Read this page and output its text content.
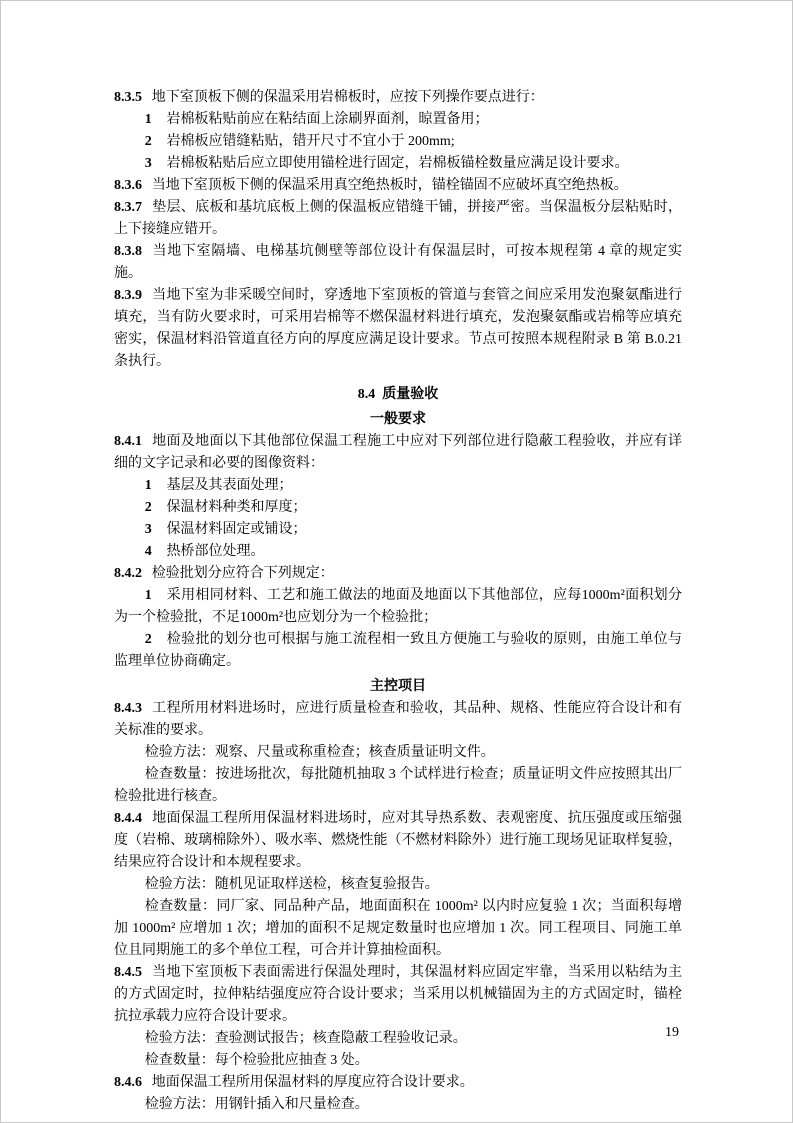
8.3.5 地下室顶板下侧的保温采用岩棉板时，应按下列操作要点进行：

1 岩棉板粘贴前应在粘结面上涂刷界面剂，晾置备用；

2 岩棉板应错缝粘贴，错开尺寸不宜小于 200mm;

3 岩棉板粘贴后应立即使用锚栓进行固定，岩棉板锚栓数量应满足设计要求。

8.3.6 当地下室顶板下侧的保温采用真空绝热板时，锚栓锚固不应破坏真空绝热板。

8.3.7 垫层、底板和基坑底板上侧的保温板应错缝干铺，拼接严密。当保温板分层粘贴时，上下接缝应错开。

8.3.8 当地下室隔墙、电梯基坑侧壁等部位设计有保温层时，可按本规程第 4 章的规定实施。

8.3.9 当地下室为非采暖空间时，穿透地下室顶板的管道与套管之间应采用发泡聚氨酯进行填充，当有防火要求时，可采用岩棉等不燃保温材料进行填充，发泡聚氨酯或岩棉等应填充密实，保温材料沿管道直径方向的厚度应满足设计要求。节点可按照本规程附录 B 第 B.0.21 条执行。

8.4 质量验收

一般要求

8.4.1 地面及地面以下其他部位保温工程施工中应对下列部位进行隐蔽工程验收，并应有详细的文字记录和必要的图像资料：

1 基层及其表面处理；

2 保温材料种类和厚度；

3 保温材料固定或铺设；

4 热桥部位处理。

8.4.2 检验批划分应符合下列规定：

1 采用相同材料、工艺和施工做法的地面及地面以下其他部位，应每1000m²面积划分为一个检验批，不足1000m²也应划分为一个检验批；

2 检验批的划分也可根据与施工流程相一致且方便施工与验收的原则，由施工单位与监理单位协商确定。

主控项目

8.4.3 工程所用材料进场时，应进行质量检查和验收，其品种、规格、性能应符合设计和有关标准的要求。

检验方法：观察、尺量或称重检查；核查质量证明文件。

检查数量：按进场批次，每批随机抽取 3 个试样进行检查；质量证明文件应按照其出厂检验批进行核查。

8.4.4 地面保温工程所用保温材料进场时，应对其导热系数、表观密度、抗压强度或压缩强度（岩棉、玻璃棉除外）、吸水率、燃烧性能（不燃材料除外）进行施工现场见证取样复验，结果应符合设计和本规程要求。

检验方法：随机见证取样送检，核查复验报告。

检查数量：同厂家、同品种产品，地面面积在 1000m² 以内时应复验 1 次；当面积每增加 1000m² 应增加 1 次；增加的面积不足规定数量时也应增加 1 次。同工程项目、同施工单位且同期施工的多个单位工程，可合并计算抽检面积。

8.4.5 当地下室顶板下表面需进行保温处理时，其保温材料应固定牢靠，当采用以粘结为主的方式固定时，拉伸粘结强度应符合设计要求；当采用以机械锚固为主的方式固定时，锚栓抗拉承载力应符合设计要求。

检验方法：查验测试报告；核查隐蔽工程验收记录。

检查数量：每个检验批应抽查 3 处。

8.4.6 地面保温工程所用保温材料的厚度应符合设计要求。

检验方法：用钢针插入和尺量检查。

19
